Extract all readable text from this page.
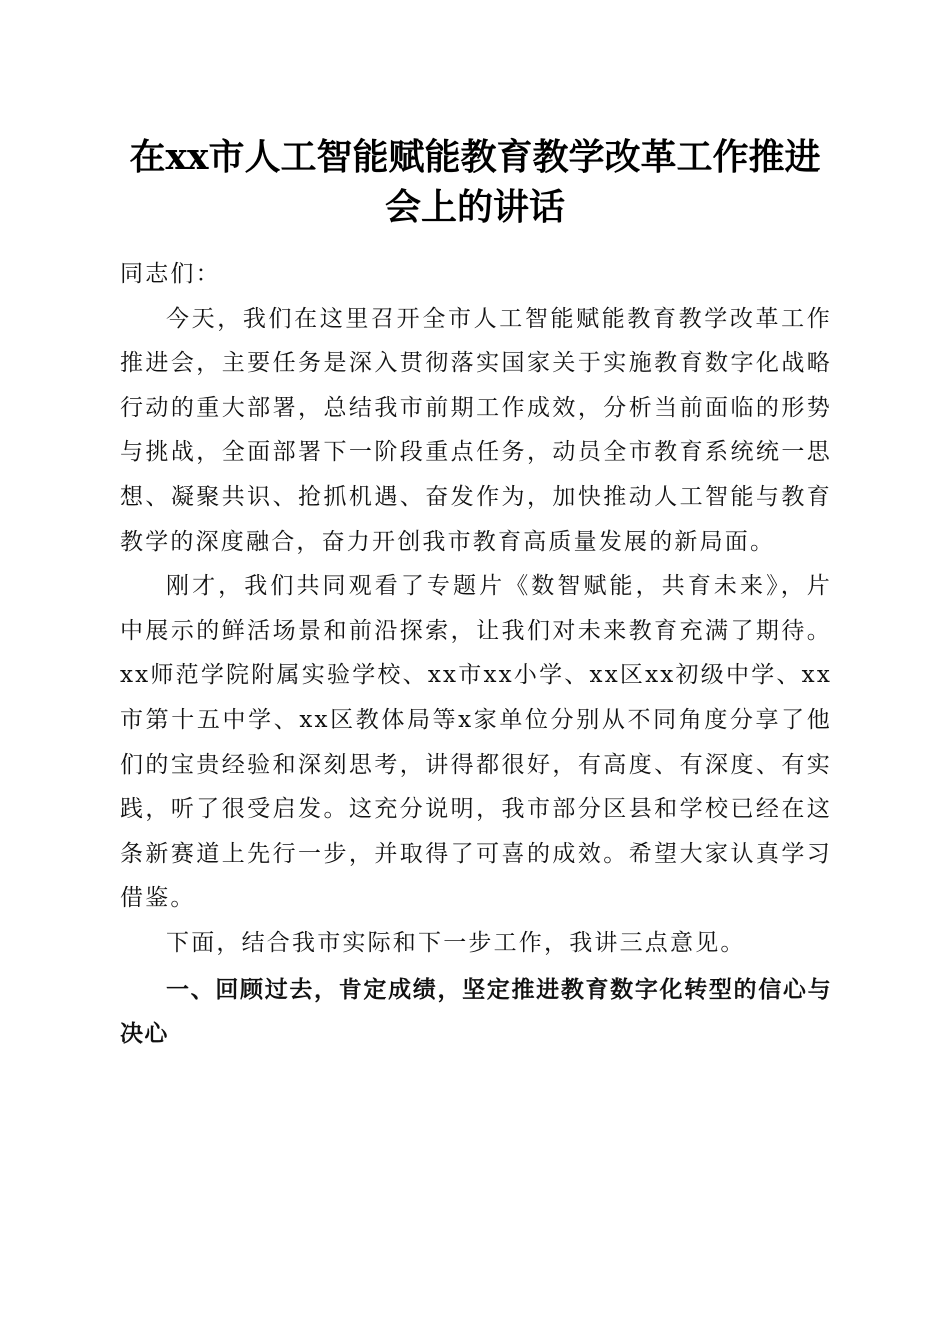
在xx市人工智能赋能教育教学改革工作推进
会上的讲话

同志们：

今天，我们在这里召开全市人工智能赋能教育教学改革工作推进会，主要任务是深入贯彻落实国家关于实施教育数字化战略行动的重大部署，总结我市前期工作成效，分析当前面临的形势与挑战，全面部署下一阶段重点任务，动员全市教育系统统一思想、凝聚共识、抢抓机遇、奋发作为，加快推动人工智能与教育教学的深度融合，奋力开创我市教育高质量发展的新局面。

刚才，我们共同观看了专题片《数智赋能，共育未来》，片中展示的鲜活场景和前沿探索，让我们对未来教育充满了期待。xx师范学院附属实验学校、xx市xx小学、xx区xx初级中学、xx市第十五中学、xx区教体局等x家单位分别从不同角度分享了他们的宝贵经验和深刻思考，讲得都很好，有高度、有深度、有实践，听了很受启发。这充分说明，我市部分区县和学校已经在这条新赛道上先行一步，并取得了可喜的成效。希望大家认真学习借鉴。

下面，结合我市实际和下一步工作，我讲三点意见。

一、回顾过去，肯定成绩，坚定推进教育数字化转型的信心与决心
